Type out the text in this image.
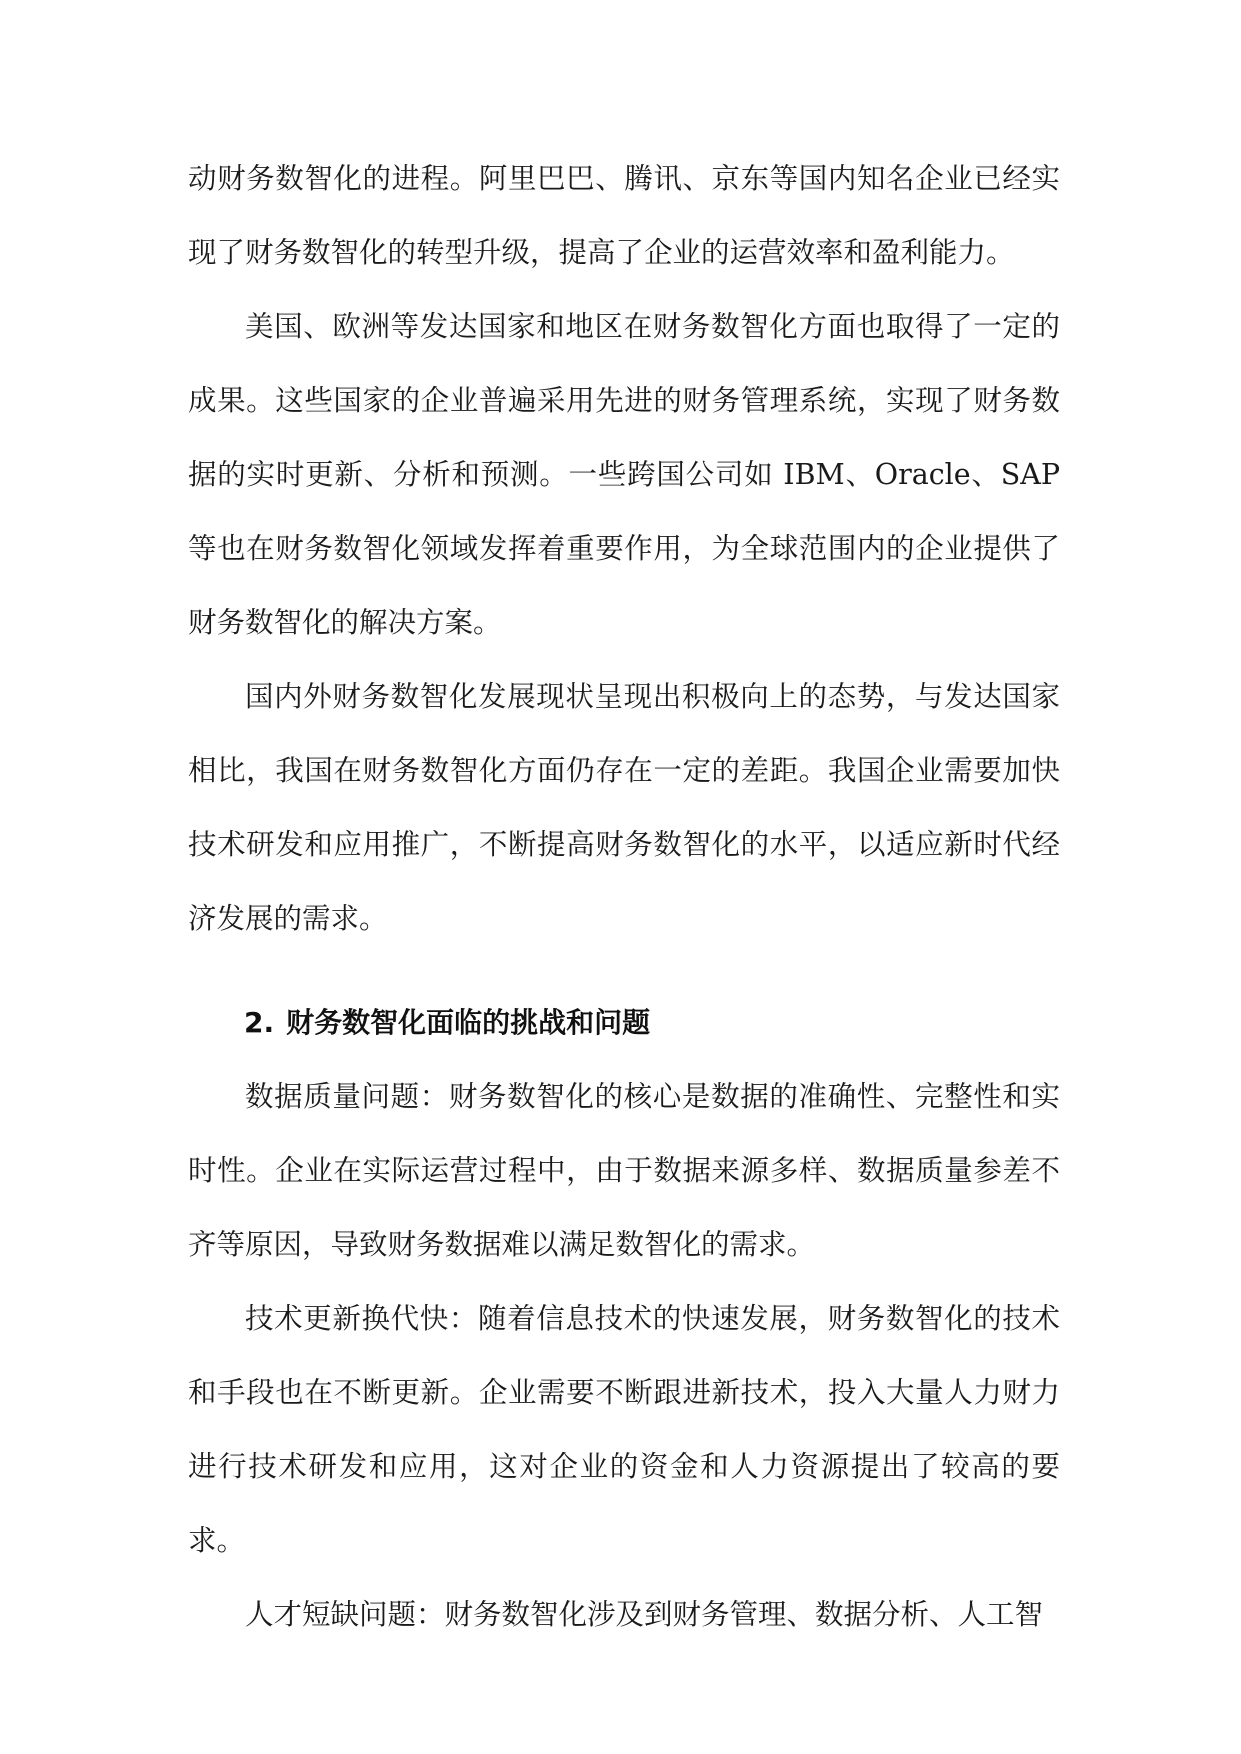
动财务数智化的进程。阿里巴巴、腾讯、京东等国内知名企业已经实现了财务数智化的转型升级，提高了企业的运营效率和盈利能力。

美国、欧洲等发达国家和地区在财务数智化方面也取得了一定的成果。这些国家的企业普遍采用先进的财务管理系统，实现了财务数据的实时更新、分析和预测。一些跨国公司如 IBM、Oracle、SAP 等也在财务数智化领域发挥着重要作用，为全球范围内的企业提供了财务数智化的解决方案。

国内外财务数智化发展现状呈现出积极向上的态势，与发达国家相比，我国在财务数智化方面仍存在一定的差距。我国企业需要加快技术研发和应用推广，不断提高财务数智化的水平，以适应新时代经济发展的需求。

2. 财务数智化面临的挑战和问题

数据质量问题：财务数智化的核心是数据的准确性、完整性和实时性。企业在实际运营过程中，由于数据来源多样、数据质量参差不齐等原因，导致财务数据难以满足数智化的需求。

技术更新换代快：随着信息技术的快速发展，财务数智化的技术和手段也在不断更新。企业需要不断跟进新技术，投入大量人力财力进行技术研发和应用，这对企业的资金和人力资源提出了较高的要求。

人才短缺问题：财务数智化涉及到财务管理、数据分析、人工智
